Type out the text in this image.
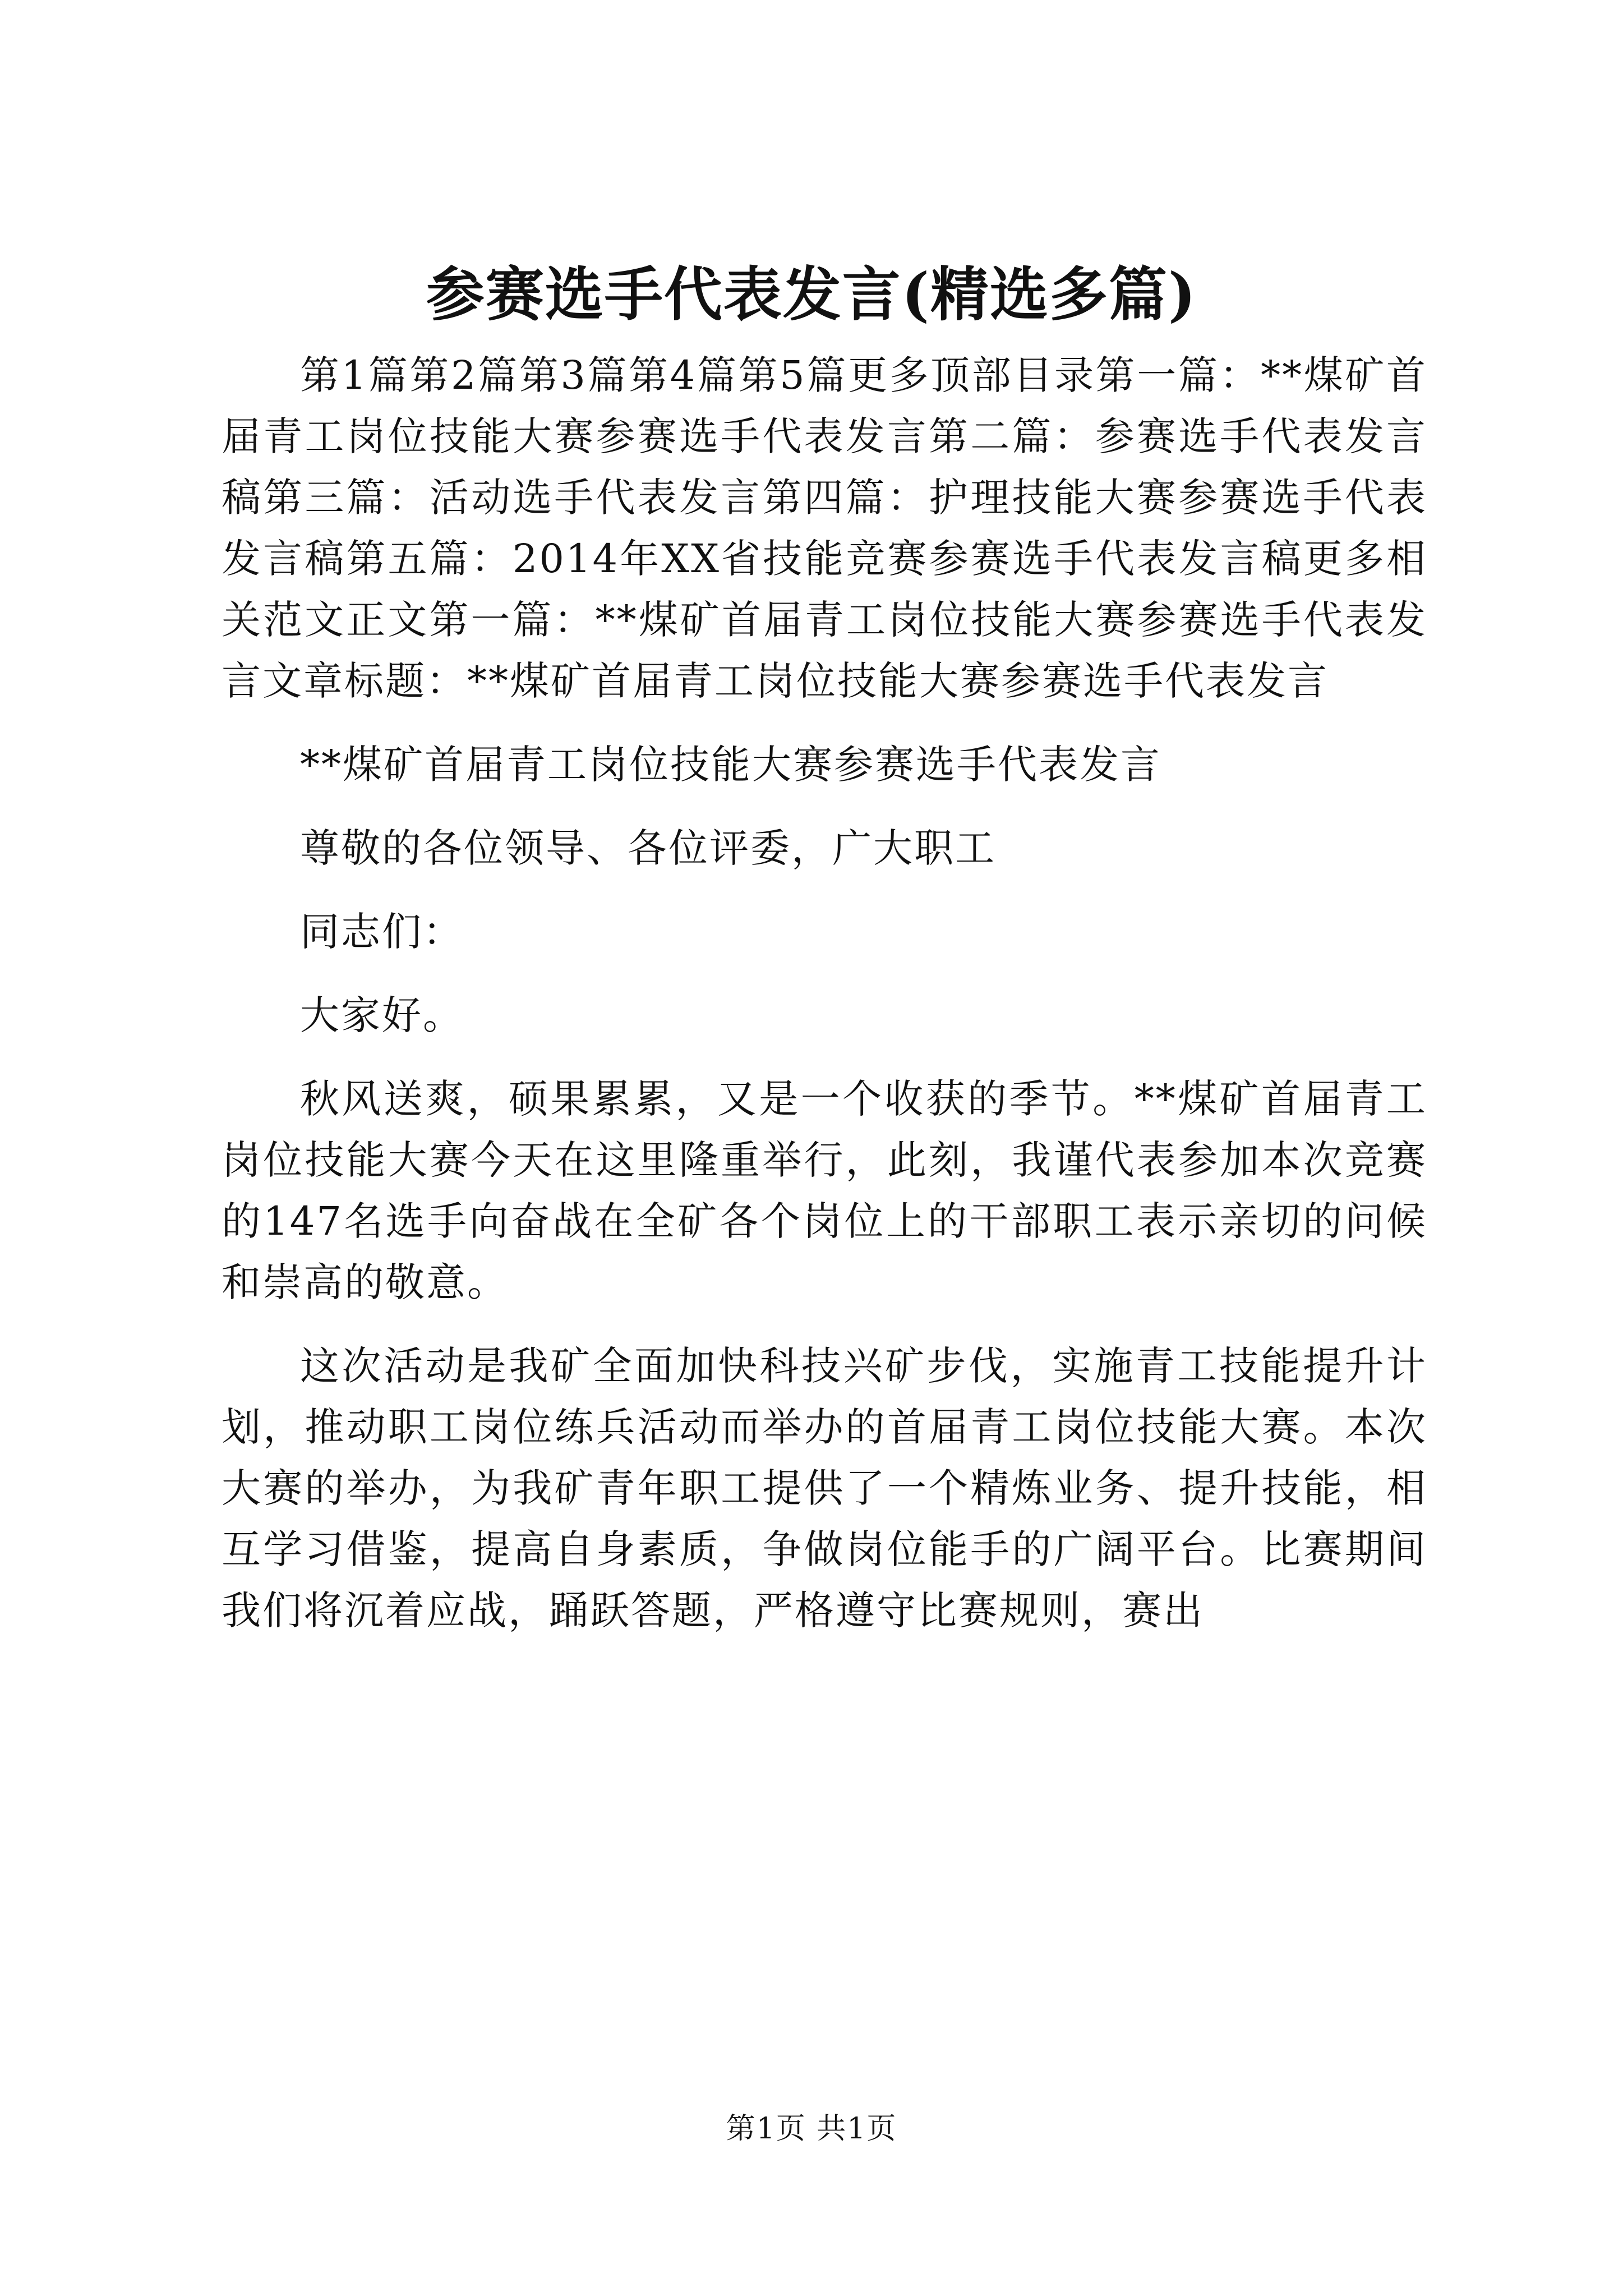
参赛选手代表发言(精选多篇)

第1篇第2篇第3篇第4篇第5篇更多顶部目录第一篇：**煤矿首届青工岗位技能大赛参赛选手代表发言第二篇：参赛选手代表发言稿第三篇：活动选手代表发言第四篇：护理技能大赛参赛选手代表发言稿第五篇：2014年XX省技能竞赛参赛选手代表发言稿更多相关范文正文第一篇：**煤矿首届青工岗位技能大赛参赛选手代表发言文章标题：**煤矿首届青工岗位技能大赛参赛选手代表发言

**煤矿首届青工岗位技能大赛参赛选手代表发言

尊敬的各位领导、各位评委，广大职工

同志们：

大家好。

秋风送爽，硕果累累，又是一个收获的季节。**煤矿首届青工岗位技能大赛今天在这里隆重举行，此刻，我谨代表参加本次竞赛的147名选手向奋战在全矿各个岗位上的干部职工表示亲切的问候和崇高的敬意。

这次活动是我矿全面加快科技兴矿步伐，实施青工技能提升计划，推动职工岗位练兵活动而举办的首届青工岗位技能大赛。本次大赛的举办，为我矿青年职工提供了一个精炼业务、提升技能，相互学习借鉴，提高自身素质，争做岗位能手的广阔平台。比赛期间我们将沉着应战，踊跃答题，严格遵守比赛规则，赛出

第1页 共1页
